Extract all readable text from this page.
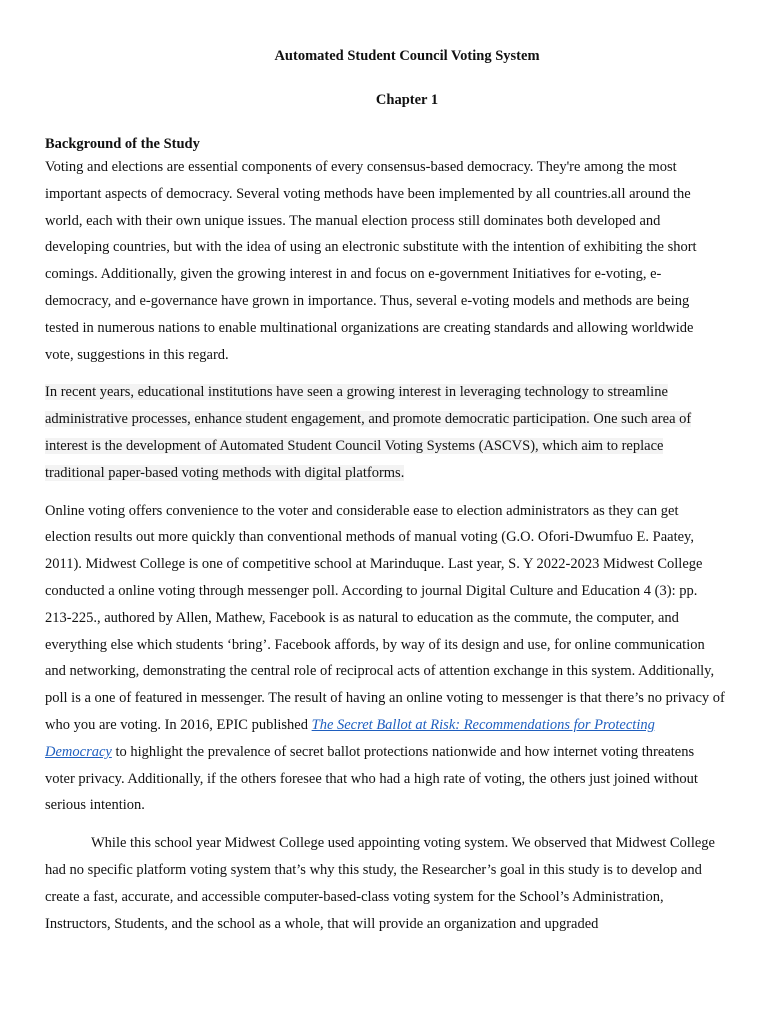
Automated Student Council Voting System
Chapter 1
Background of the Study

Voting and elections are essential components of every consensus-based democracy. They're among the most important aspects of democracy. Several voting methods have been implemented by all countries.all around the world, each with their own unique issues. The manual election process still dominates both developed and developing countries, but with the idea of using an electronic substitute with the intention of exhibiting the short comings. Additionally, given the growing interest in and focus on e-government Initiatives for e-voting, e-democracy, and e-governance have grown in importance. Thus, several e-voting models and methods are being tested in numerous nations to enable multinational organizations are creating standards and allowing worldwide vote, suggestions in this regard.

In recent years, educational institutions have seen a growing interest in leveraging technology to streamline administrative processes, enhance student engagement, and promote democratic participation. One such area of interest is the development of Automated Student Council Voting Systems (ASCVS), which aim to replace traditional paper-based voting methods with digital platforms.

Online voting offers convenience to the voter and considerable ease to election administrators as they can get election results out more quickly than conventional methods of manual voting (G.O. Ofori-Dwumfuo E. Paatey, 2011). Midwest College is one of competitive school at Marinduque. Last year, S. Y 2022-2023 Midwest College conducted a online voting through messenger poll. According to journal Digital Culture and Education 4 (3): pp. 213-225., authored by Allen, Mathew, Facebook is as natural to education as the commute, the computer, and everything else which students ‘bring’. Facebook affords, by way of its design and use, for online communication and networking, demonstrating the central role of reciprocal acts of attention exchange in this system. Additionally, poll is a one of featured in messenger. The result of having an online voting to messenger is that there’s no privacy of who you are voting. In 2016, EPIC published The Secret Ballot at Risk: Recommendations for Protecting Democracy to highlight the prevalence of secret ballot protections nationwide and how internet voting threatens voter privacy. Additionally, if the others foresee that who had a high rate of voting, the others just joined without serious intention.

While this school year Midwest College used appointing voting system. We observed that Midwest College had no specific platform voting system that’s why this study, the Researcher’s goal in this study is to develop and create a fast, accurate, and accessible computer-based-class voting system for the School’s Administration, Instructors, Students, and the school as a whole, that will provide an organization and upgraded
